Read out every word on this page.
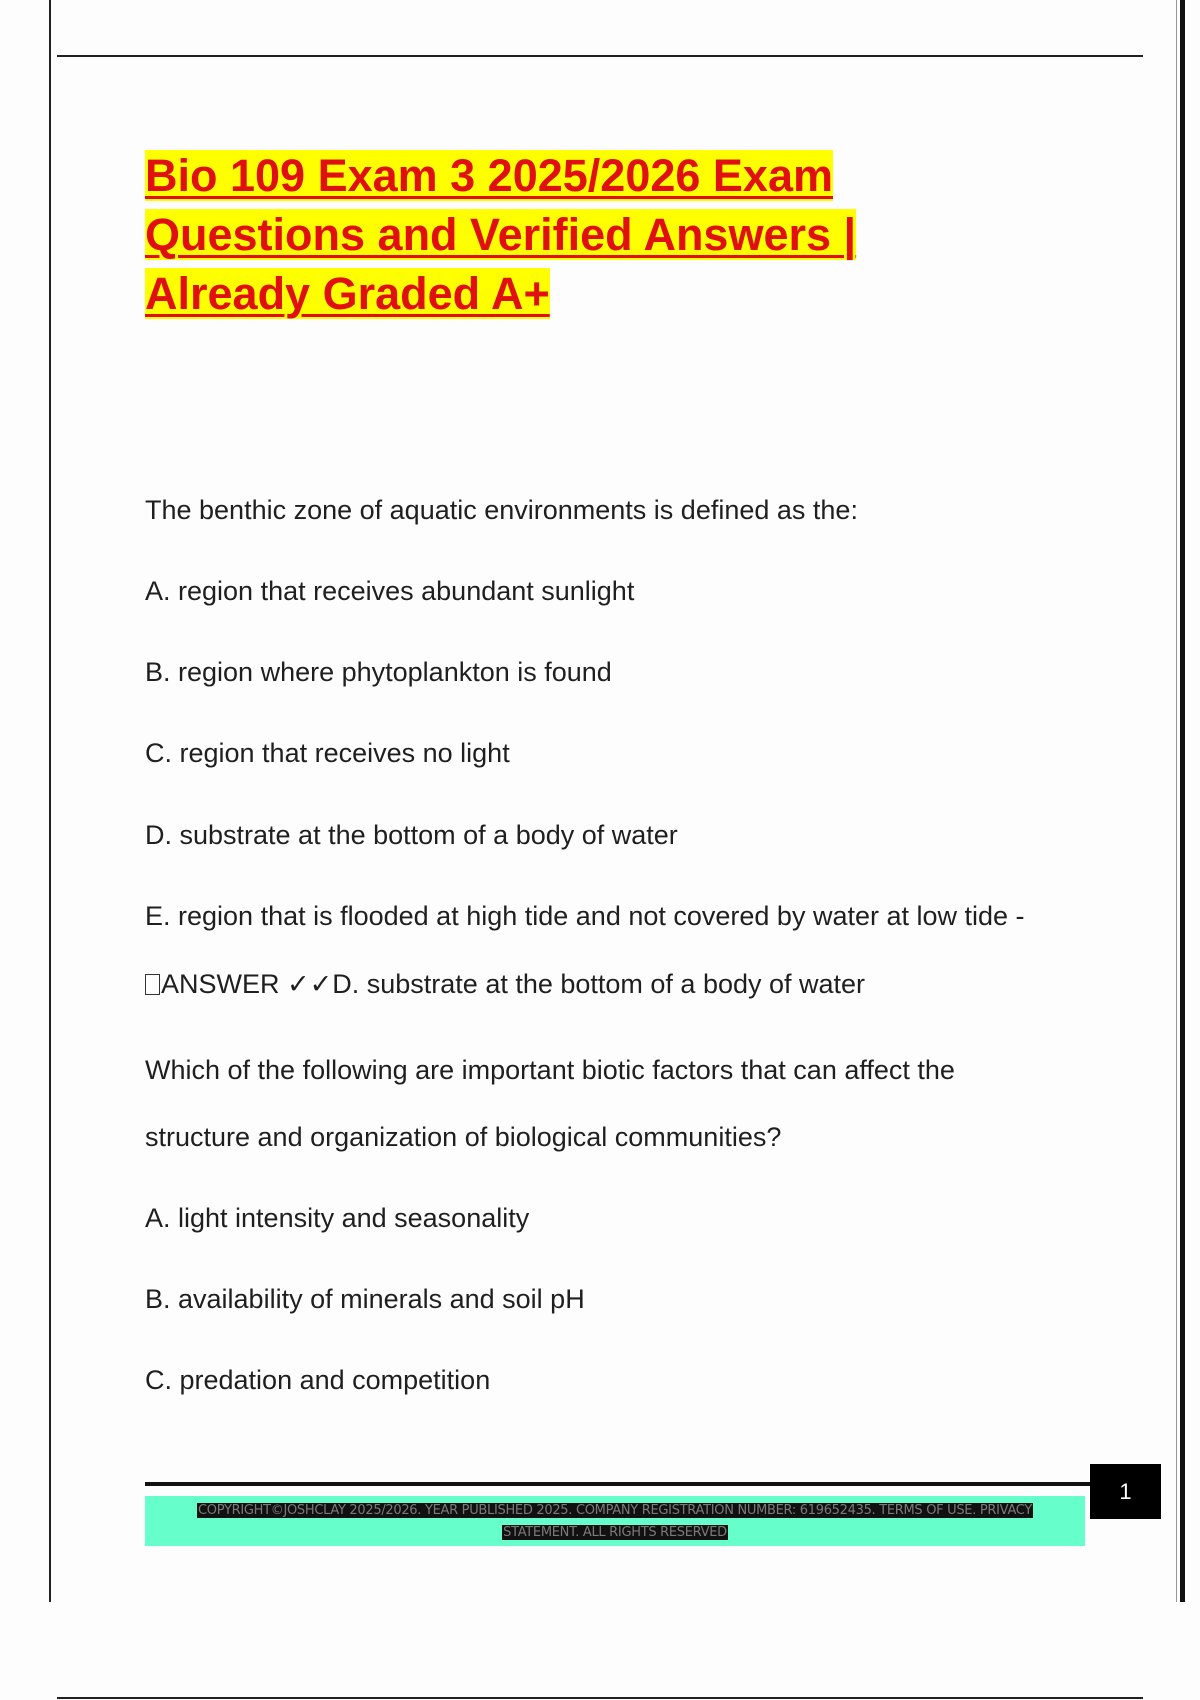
Bio 109 Exam 3 2025/2026 Exam Questions and Verified Answers | Already Graded A+

The benthic zone of aquatic environments is defined as the:

A. region that receives abundant sunlight

B. region where phytoplankton is found

C. region that receives no light

D. substrate at the bottom of a body of water

E. region that is flooded at high tide and not covered by water at low tide -

ANSWER ✓✓D. substrate at the bottom of a body of water

Which of the following are important biotic factors that can affect the

structure and organization of biological communities?

A. light intensity and seasonality

B. availability of minerals and soil pH

C. predation and competition

1
COPYRIGHT©JOSHCLAY 2025/2026. YEAR PUBLISHED 2025. COMPANY REGISTRATION NUMBER: 619652435. TERMS OF USE. PRIVACY STATEMENT. ALL RIGHTS RESERVED
